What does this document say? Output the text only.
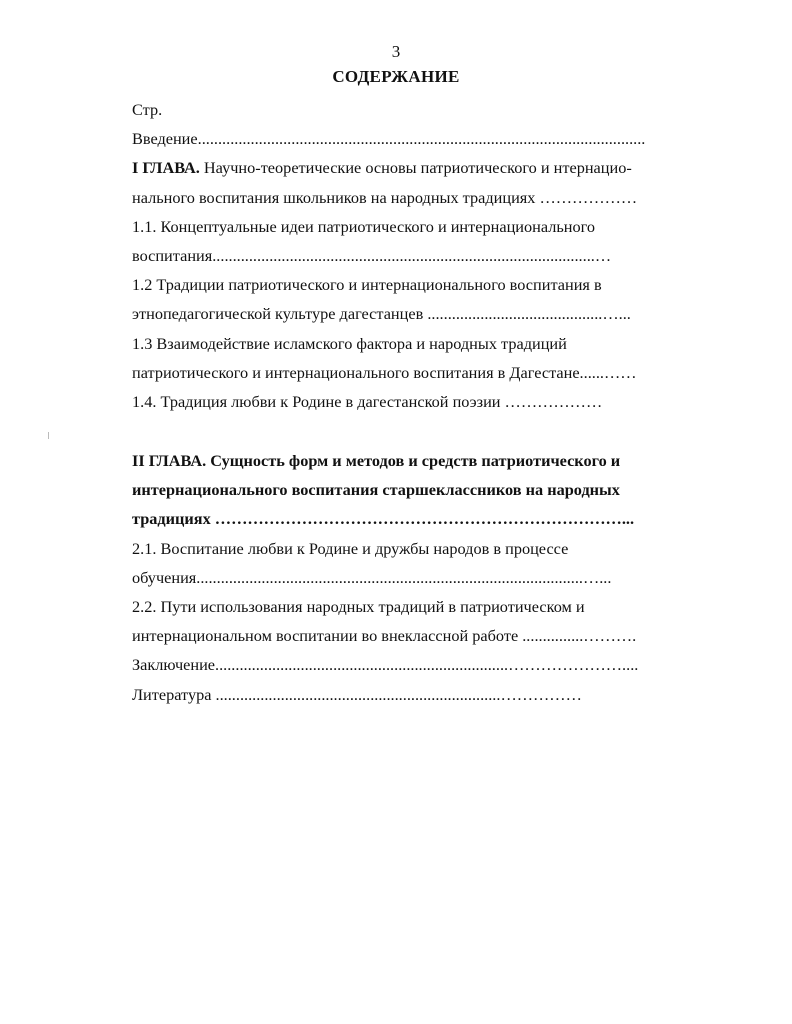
3
СОДЕРЖАНИЕ
Стр.
Введение..............................................................................................................
I ГЛАВА. Научно-теоретические основы патриотического и нтернацио-
нального воспитания школьников на народных традициях ………………
1.1. Концептуальные идеи патриотического и интернационального
воспитания..............................................................................................…
1.2 Традиции патриотического и интернационального воспитания в
этнопедагогической культуре дагестанцев ...........................................…...
1.3 Взаимодействие исламского фактора и народных традиций
патриотического и интернационального воспитания в Дагестане......……
1.4. Традиция любви к Родине в дагестанской поэзии ………………
II ГЛАВА. Сущность форм и методов и средств патриотического и
интернационального воспитания старшеклассников на народных
традициях …………………………………………………………………...
2.1. Воспитание любви к Родине и дружбы народов в процессе
обучения...............................................................................................…...
2.2. Пути использования народных традиций в патриотическом и
интернациональном воспитании во внеклассной работе ...............……….
Заключение........................................................................…………………....
Литература ......................................................................……………
